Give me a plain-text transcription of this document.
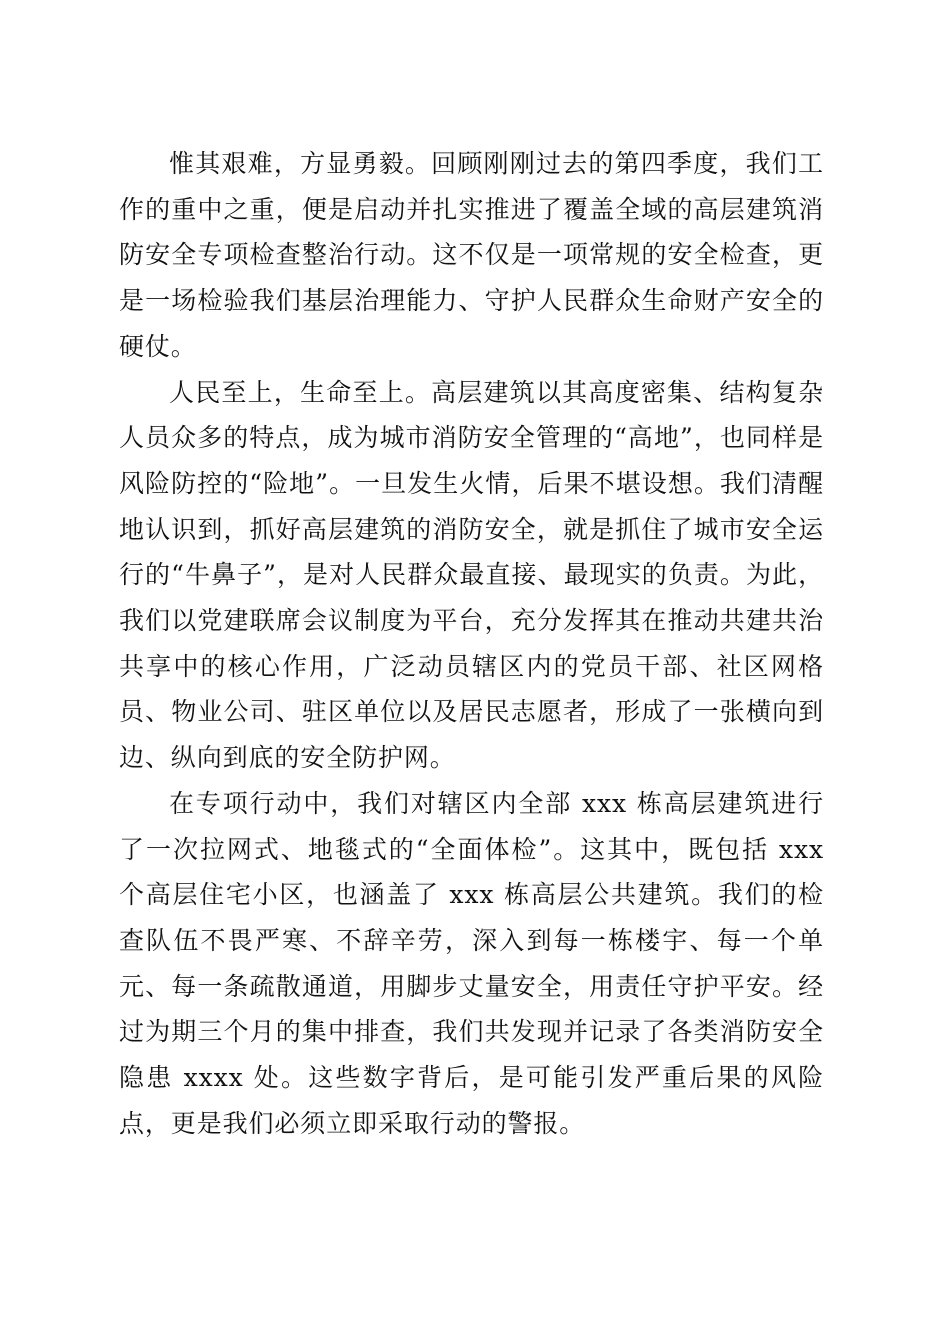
惟其艰难，方显勇毅。回顾刚刚过去的第四季度，我们工作的重中之重，便是启动并扎实推进了覆盖全域的高层建筑消防安全专项检查整治行动。这不仅是一项常规的安全检查，更是一场检验我们基层治理能力、守护人民群众生命财产安全的硬仗。

人民至上，生命至上。高层建筑以其高度密集、结构复杂人员众多的特点，成为城市消防安全管理的“高地”，也同样是风险防控的“险地”。一旦发生火情，后果不堪设想。我们清醒地认识到，抓好高层建筑的消防安全，就是抓住了城市安全运行的“牛鼻子”，是对人民群众最直接、最现实的负责。为此，我们以党建联席会议制度为平台，充分发挥其在推动共建共治共享中的核心作用，广泛动员辖区内的党员干部、社区网格员、物业公司、驻区单位以及居民志愿者，形成了一张横向到边、纵向到底的安全防护网。

在专项行动中，我们对辖区内全部 xxx 栋高层建筑进行了一次拉网式、地毯式的“全面体检”。这其中，既包括 xxx 个高层住宅小区，也涵盖了 xxx 栋高层公共建筑。我们的检查队伍不畏严寒、不辞辛劳，深入到每一栋楼宇、每一个单元、每一条疏散通道，用脚步丈量安全，用责任守护平安。经过为期三个月的集中排查，我们共发现并记录了各类消防安全隐患 xxxx 处。这些数字背后，是可能引发严重后果的风险点，更是我们必须立即采取行动的警报。
